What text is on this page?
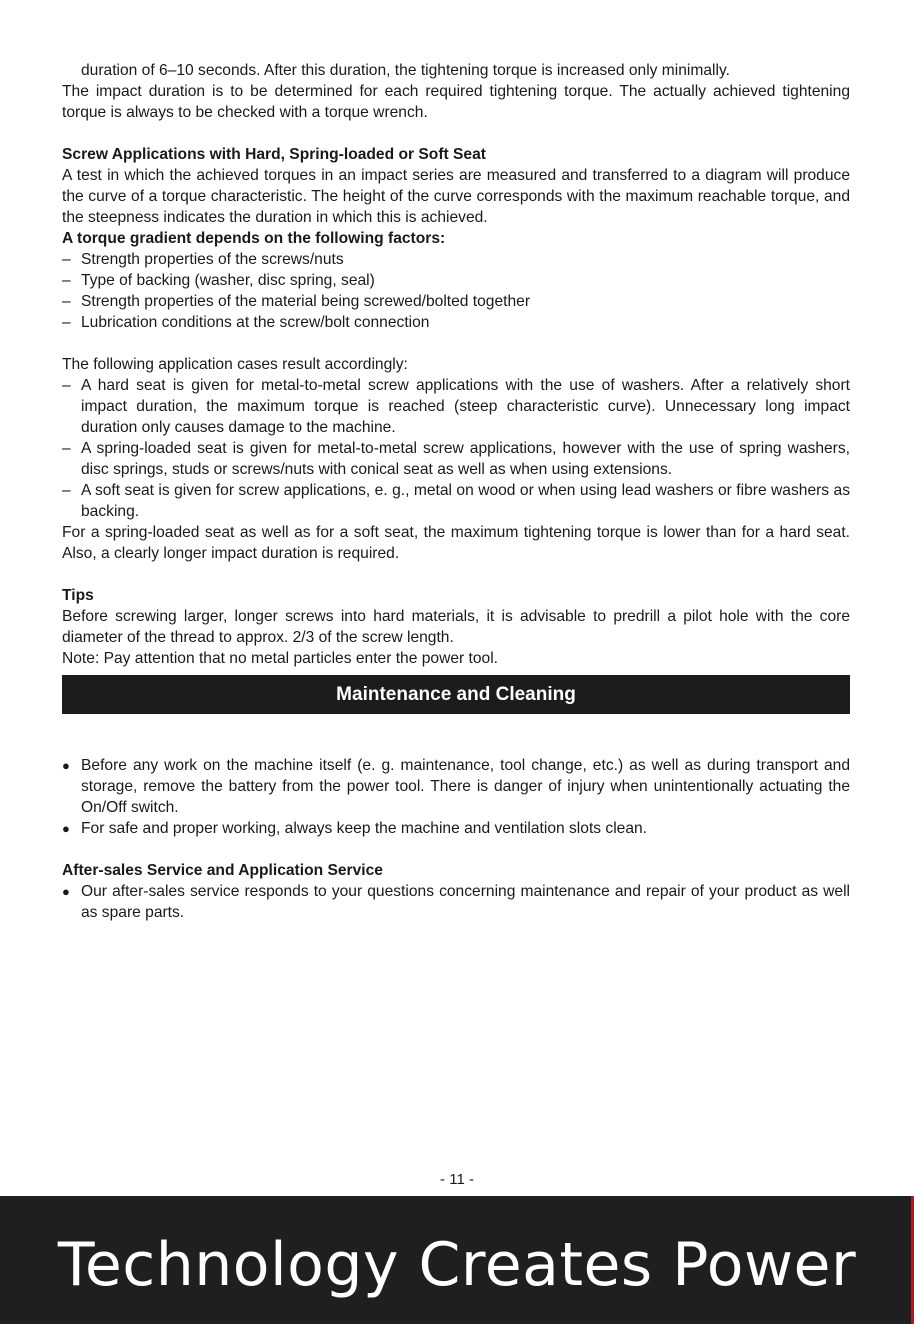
duration of 6–10 seconds. After this duration, the tightening torque is increased only minimally.

The impact duration is to be determined for each required tightening torque. The actually achieved tightening torque is always to be checked with a torque wrench.

Screw Applications with Hard, Spring-loaded or Soft Seat

A test in which the achieved torques in an impact series are measured and transferred to a diagram will produce the curve of a torque characteristic. The height of the curve corresponds with the maximum reachable torque, and the steepness indicates the duration in which this is achieved.

A torque gradient depends on the following factors:

– Strength properties of the screws/nuts
– Type of backing (washer, disc spring, seal)
– Strength properties of the material being screwed/bolted together
– Lubrication conditions at the screw/bolt connection

The following application cases result accordingly:

– A hard seat is given for metal-to-metal screw applications with the use of washers. After a relatively short impact duration, the maximum torque is reached (steep characteristic curve). Unnecessary long impact duration only causes damage to the machine.
– A spring-loaded seat is given for metal-to-metal screw applications, however with the use of spring washers, disc springs, studs or screws/nuts with conical seat as well as when using extensions.
– A soft seat is given for screw applications, e. g., metal on wood or when using lead washers or fibre washers as backing.

For a spring-loaded seat as well as for a soft seat, the maximum tightening torque is lower than for a hard seat. Also, a clearly longer impact duration is required.

Tips

Before screwing larger, longer screws into hard materials, it is advisable to predrill a pilot hole with the core diameter of the thread to approx. 2/3 of the screw length.

Note: Pay attention that no metal particles enter the power tool.

Maintenance and Cleaning
● Before any work on the machine itself (e. g. maintenance, tool change, etc.) as well as during transport and storage, remove the battery from the power tool. There is danger of injury when unintentionally actuating the On/Off switch.
● For safe and proper working, always keep the machine and ventilation slots clean.

After-sales Service and Application Service

● Our after-sales service responds to your questions concerning maintenance and repair of your product as well as spare parts.
- 11 -
Technology Creates Power
